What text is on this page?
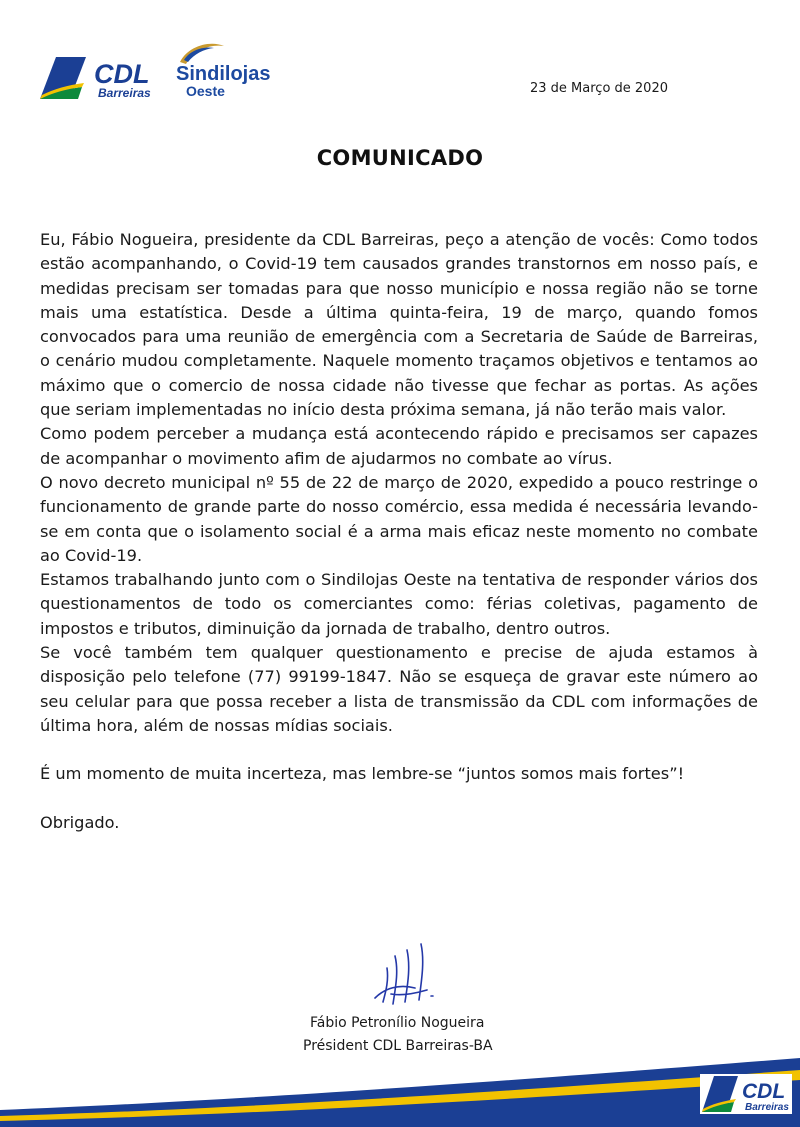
CDL
Barreiras
Sindilojas
Oeste	23 de Março de 2020
COMUNICADO

Eu, Fábio Nogueira, presidente da CDL Barreiras, peço a atenção de vocês: Como todos estão acompanhando, o Covid-19 tem causados grandes transtornos em nosso país, e medidas precisam ser tomadas para que nosso município e nossa região não se torne mais uma estatística. Desde a última quinta-feira, 19 de março, quando fomos convocados para uma reunião de emergência com a Secretaria de Saúde de Barreiras, o cenário mudou completamente. Naquele momento traçamos objetivos e tentamos ao máximo que o comercio de nossa cidade não tivesse que fechar as portas. As ações que seriam implementadas no início desta próxima semana, já não terão mais valor.

Como podem perceber a mudança está acontecendo rápido e precisamos ser capazes de acompanhar o movimento afim de ajudarmos no combate ao vírus.

O novo decreto municipal nº 55 de 22 de março de 2020, expedido a pouco restringe o funcionamento de grande parte do nosso comércio, essa medida é necessária levando-se em conta que o isolamento social é a arma mais eficaz neste momento no combate ao Covid-19.

Estamos trabalhando junto com o Sindilojas Oeste na tentativa de responder vários dos questionamentos de todo os comerciantes como: férias coletivas, pagamento de impostos e tributos, diminuição da jornada de trabalho, dentro outros.

Se você também tem qualquer questionamento e precise de ajuda estamos à disposição pelo telefone (77) 99199-1847. Não se esqueça de gravar este número ao seu celular para que possa receber a lista de transmissão da CDL com informações de última hora, além de nossas mídias sociais.

É um momento de muita incerteza, mas lembre-se “juntos somos mais fortes”!

Obrigado.

Fábio Petronílio Nogueira
Président CDL Barreiras-BA
CDL
Barreiras
